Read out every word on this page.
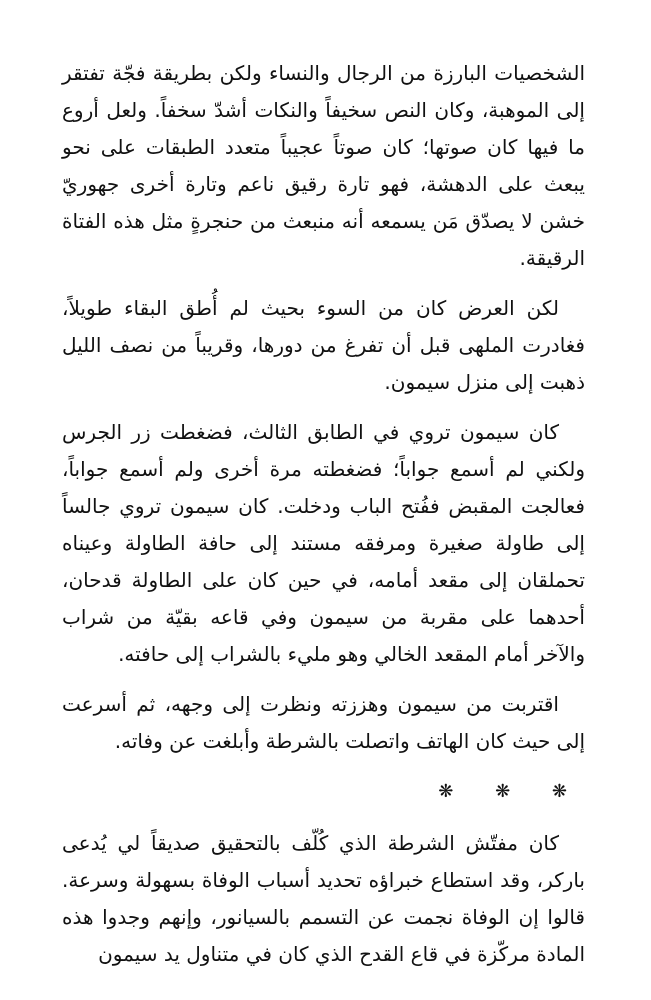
الشخصيات البارزة من الرجال والنساء ولكن بطريقة فجّة تفتقر إلى الموهبة، وكان النص سخيفاً والنكات أشدّ سخفاً. ولعل أروع ما فيها كان صوتها؛ كان صوتاً عجيباً متعدد الطبقات على نحو يبعث على الدهشة، فهو تارة رقيق ناعم وتارة أخرى جهوريّ خشن لا يصدّق مَن يسمعه أنه منبعث من حنجرةٍ مثل هذه الفتاة الرقيقة.

لكن العرض كان من السوء بحيث لم أُطق البقاء طويلاً، فغادرت الملهى قبل أن تفرغ من دورها، وقريباً من نصف الليل ذهبت إلى منزل سيمون.

كان سيمون تروي في الطابق الثالث، فضغطت زر الجرس ولكني لم أسمع جواباً؛ فضغطته مرة أخرى ولم أسمع جواباً، فعالجت المقبض ففُتح الباب ودخلت. كان سيمون تروي جالساً إلى طاولة صغيرة ومرفقه مستند إلى حافة الطاولة وعيناه تحملقان إلى مقعد أمامه، في حين كان على الطاولة قدحان، أحدهما على مقربة من سيمون وفي قاعه بقيّة من شراب والآخر أمام المقعد الخالي وهو مليء بالشراب إلى حافته.

اقتربت من سيمون وهززته ونظرت إلى وجهه، ثم أسرعت إلى حيث كان الهاتف واتصلت بالشرطة وأبلغت عن وفاته.

❋ ❋ ❋

كان مفتّش الشرطة الذي كُلّف بالتحقيق صديقاً لي يُدعى باركر، وقد استطاع خبراؤه تحديد أسباب الوفاة بسهولة وسرعة. قالوا إن الوفاة نجمت عن التسمم بالسيانور، وإنهم وجدوا هذه المادة مركّزة في قاع القدح الذي كان في متناول يد سيمون
